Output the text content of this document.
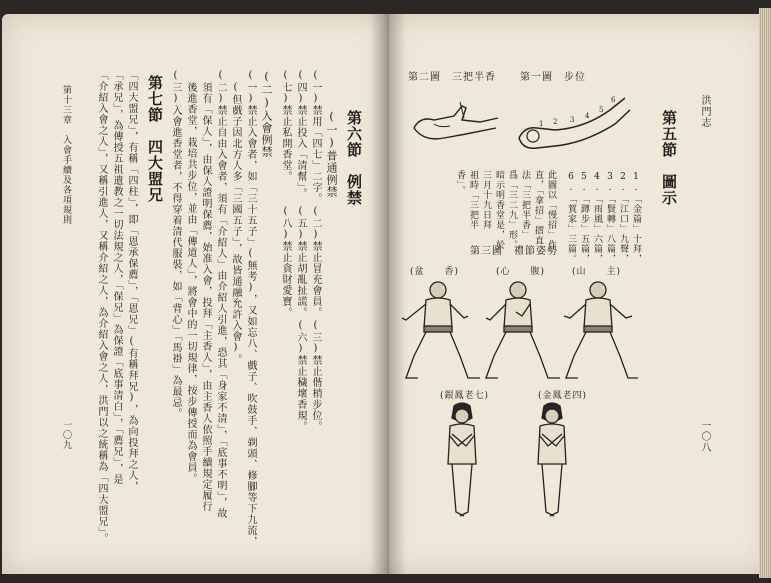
第六節　例禁
(一)普通例禁
(一)禁用「四七」二字。
(四)禁止投入「清幫」。
(七)禁止私開香堂。
(二)禁止冒充會員。
(五)禁止胡亂扯謊。
(八)禁止貪財愛寶。
(三)禁止偕梢步位。
(六)禁止穢壞香規。
(二)入會例禁
(一)禁止入會者，如「三十五子」(無考)，又如忘八、戲子、吹鼓手、剃頭、修腳等下九流，
(但戲子因北方人多「三國五子」，故皆通融允許入會)。
(二)禁止自由入會者，須有「介紹人」由介紹人引進，恐其「身家不清」，「底事不明」，故
須有「保人」，由保人證明保薦，始准入會，投拜「主香人」，由主香人依照手續規定履行
後進香堂，栽培共步位，並由「傳道人」，將會中的一切規律，按步傳授而為會員。
(三)入會進香堂者，不得穿着清代服裝，如「背心」「馬褂」為最忌。
第七節　四大盟兄
「四大盟兄」，有稱「四柱」，即「恩承保薦」，「恩兄」(有稱拜兄)，為向投拜之人，
「承兄」，為傳授五祖遺教之一切法規之人，「保兄」為保證「底事清白」，「薦兄」，是
「介紹入會之人」，又稱引進人，又稱介紹之人，為介紹入會之人，洪門以之統稱為「四大盟兄」。
第十三章　入會手續及各項規則
一〇九
洪門志
一〇八
第五節　圖示
第一圖　步位
第二圖　三把半香
1 2 3 4
5
6
1.「金篇」十拜，
2.「江口」九聲，
3.「賢轉」八篇，
4.「雨風」六篇，
5.「蹲步」五篇，
6.「賀家」三篇。
此圖以「慢招」作
直，「拿招」摺直。
法「三把半香」
爲「三二九」形。
暗示明香堂是，於
三月十九日拜
祖時「三把半
香」。
第三圖　禮節姿勢
(山　　主)
(心　　腹)
(盆　　香)
(金鳳老四)
(銀鳳老七)
